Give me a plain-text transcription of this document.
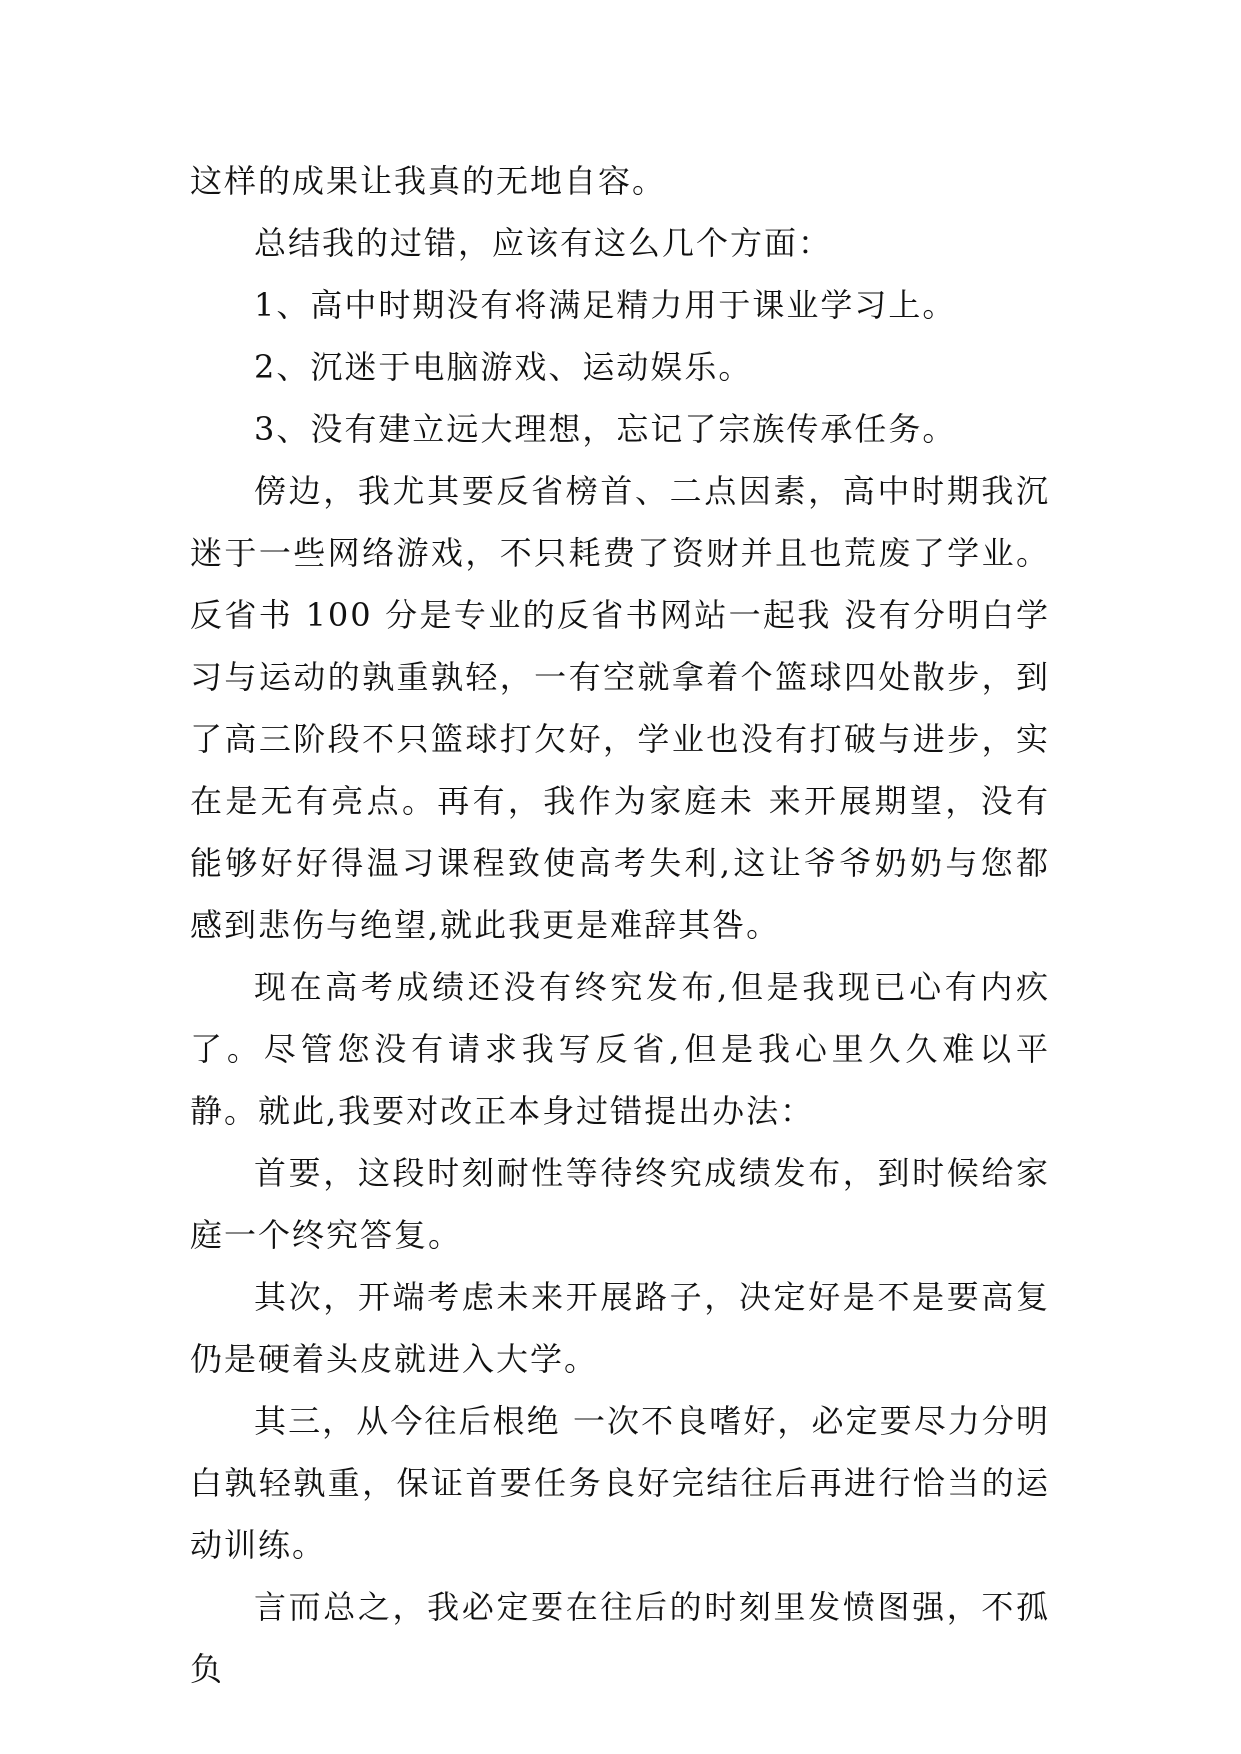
这样的成果让我真的无地自容。

总结我的过错，应该有这么几个方面：

1、高中时期没有将满足精力用于课业学习上。

2、沉迷于电脑游戏、运动娱乐。

3、没有建立远大理想，忘记了宗族传承任务。

傍边，我尤其要反省榜首、二点因素，高中时期我沉迷于一些网络游戏，不只耗费了资财并且也荒废了学业。反省书 100 分是专业的反省书网站一起我 没有分明白学习与运动的孰重孰轻，一有空就拿着个篮球四处散步，到了高三阶段不只篮球打欠好，学业也没有打破与进步，实在是无有亮点。再有，我作为家庭未 来开展期望，没有能够好好得温习课程致使高考失利,这让爷爷奶奶与您都感到悲伤与绝望,就此我更是难辞其咎。

现在高考成绩还没有终究发布,但是我现已心有内疚了。尽管您没有请求我写反省,但是我心里久久难以平静。就此,我要对改正本身过错提出办法：

首要，这段时刻耐性等待终究成绩发布，到时候给家庭一个终究答复。

其次，开端考虑未来开展路子，决定好是不是要高复仍是硬着头皮就进入大学。

其三，从今往后根绝 一次不良嗜好，必定要尽力分明白孰轻孰重，保证首要任务良好完结往后再进行恰当的运动训练。

言而总之，我必定要在往后的时刻里发愤图强，不孤负
